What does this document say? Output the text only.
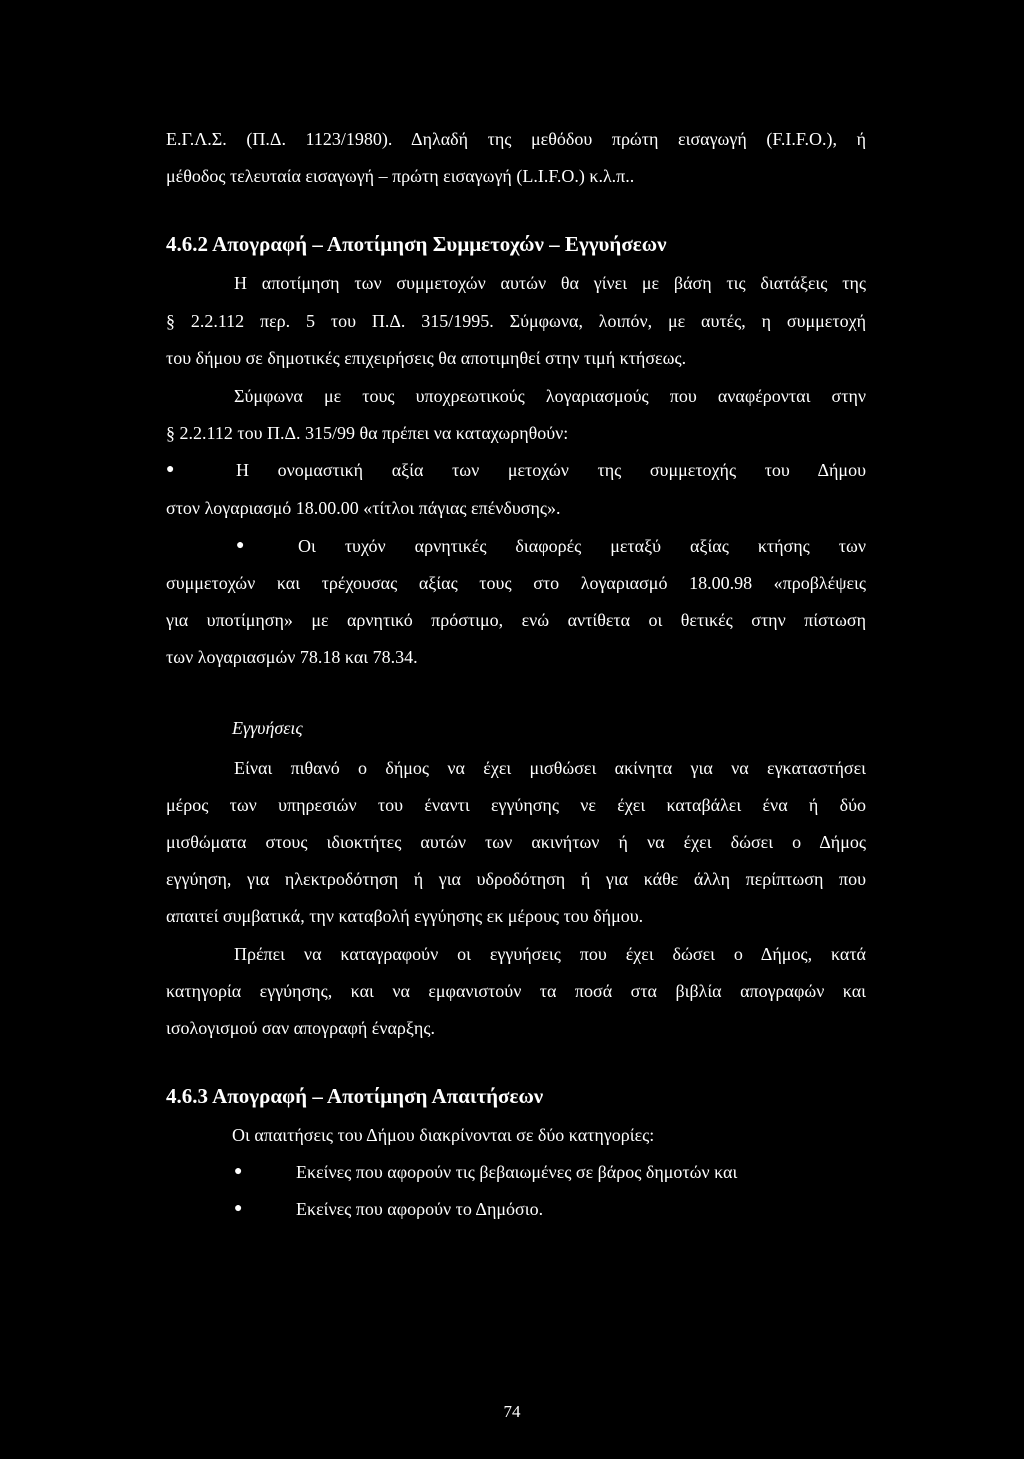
Ε.Γ.Λ.Σ. (Π.Δ. 1123/1980). Δηλαδή της μεθόδου πρώτη εισαγωγή (F.I.F.O.), ή
μέθοδος τελευταία εισαγωγή – πρώτη εισαγωγή (L.I.F.O.) κ.λ.π..
4.6.2 Απογραφή – Αποτίμηση Συμμετοχών – Εγγυήσεων
Η αποτίμηση των συμμετοχών αυτών θα γίνει με βάση τις διατάξεις της
§ 2.2.112 περ. 5 του Π.Δ. 315/1995. Σύμφωνα, λοιπόν, με αυτές, η συμμετοχή
του δήμου σε δημοτικές επιχειρήσεις θα αποτιμηθεί στην τιμή κτήσεως.
Σύμφωνα με τους υποχρεωτικούς λογαριασμούς που αναφέρονται στην
§ 2.2.112 του Π.Δ. 315/99 θα πρέπει να καταχωρηθούν:
●	Η ονομαστική αξία των μετοχών της συμμετοχής του Δήμου
στον λογαριασμό 18.00.00 «τίτλοι πάγιας επένδυσης».
●	Οι τυχόν αρνητικές διαφορές μεταξύ αξίας κτήσης των
συμμετοχών και τρέχουσας αξίας τους στο λογαριασμό 18.00.98 «προβλέψεις
για υποτίμηση» με αρνητικό πρόστιμο, ενώ αντίθετα οι θετικές στην πίστωση
των λογαριασμών 78.18 και 78.34.
Εγγυήσεις
Είναι πιθανό ο δήμος να έχει μισθώσει ακίνητα για να εγκαταστήσει
μέρος των υπηρεσιών του έναντι εγγύησης νε έχει καταβάλει ένα ή δύο
μισθώματα στους ιδιοκτήτες αυτών των ακινήτων ή να έχει δώσει ο Δήμος
εγγύηση, για ηλεκτροδότηση ή για υδροδότηση ή για κάθε άλλη περίπτωση που
απαιτεί συμβατικά, την καταβολή εγγύησης εκ μέρους του δήμου.
Πρέπει να καταγραφούν οι εγγυήσεις που έχει δώσει ο Δήμος, κατά
κατηγορία εγγύησης, και να εμφανιστούν τα ποσά στα βιβλία απογραφών και
ισολογισμού σαν απογραφή έναρξης.
4.6.3 Απογραφή – Αποτίμηση Απαιτήσεων
Οι απαιτήσεις του Δήμου διακρίνονται σε δύο κατηγορίες:
●	Εκείνες που αφορούν τις βεβαιωμένες σε βάρος δημοτών και
●	Εκείνες που αφορούν το Δημόσιο.
74
